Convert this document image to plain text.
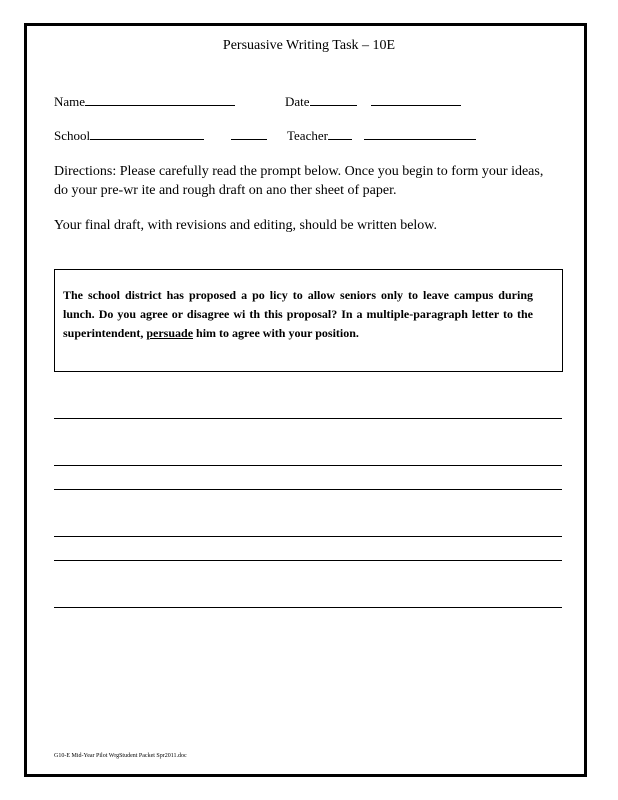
Persuasive Writing Task – 10E
Name	Date
School	Teacher
Directions: Please carefully read the prompt below. Once you begin to form your ideas, do your pre-wr ite and rough draft on ano ther sheet of paper.
Your final draft, with revisions and editing, should be written below.
The school district has proposed a po licy to allow seniors only to leave campus during lunch. Do you agree or disagree wi th this proposal? In a multiple-paragraph letter to the superintendent, persuade him to agree with your position.
G10-E Mid-Year Pilot WrgStudent Packet Spr2011.doc
